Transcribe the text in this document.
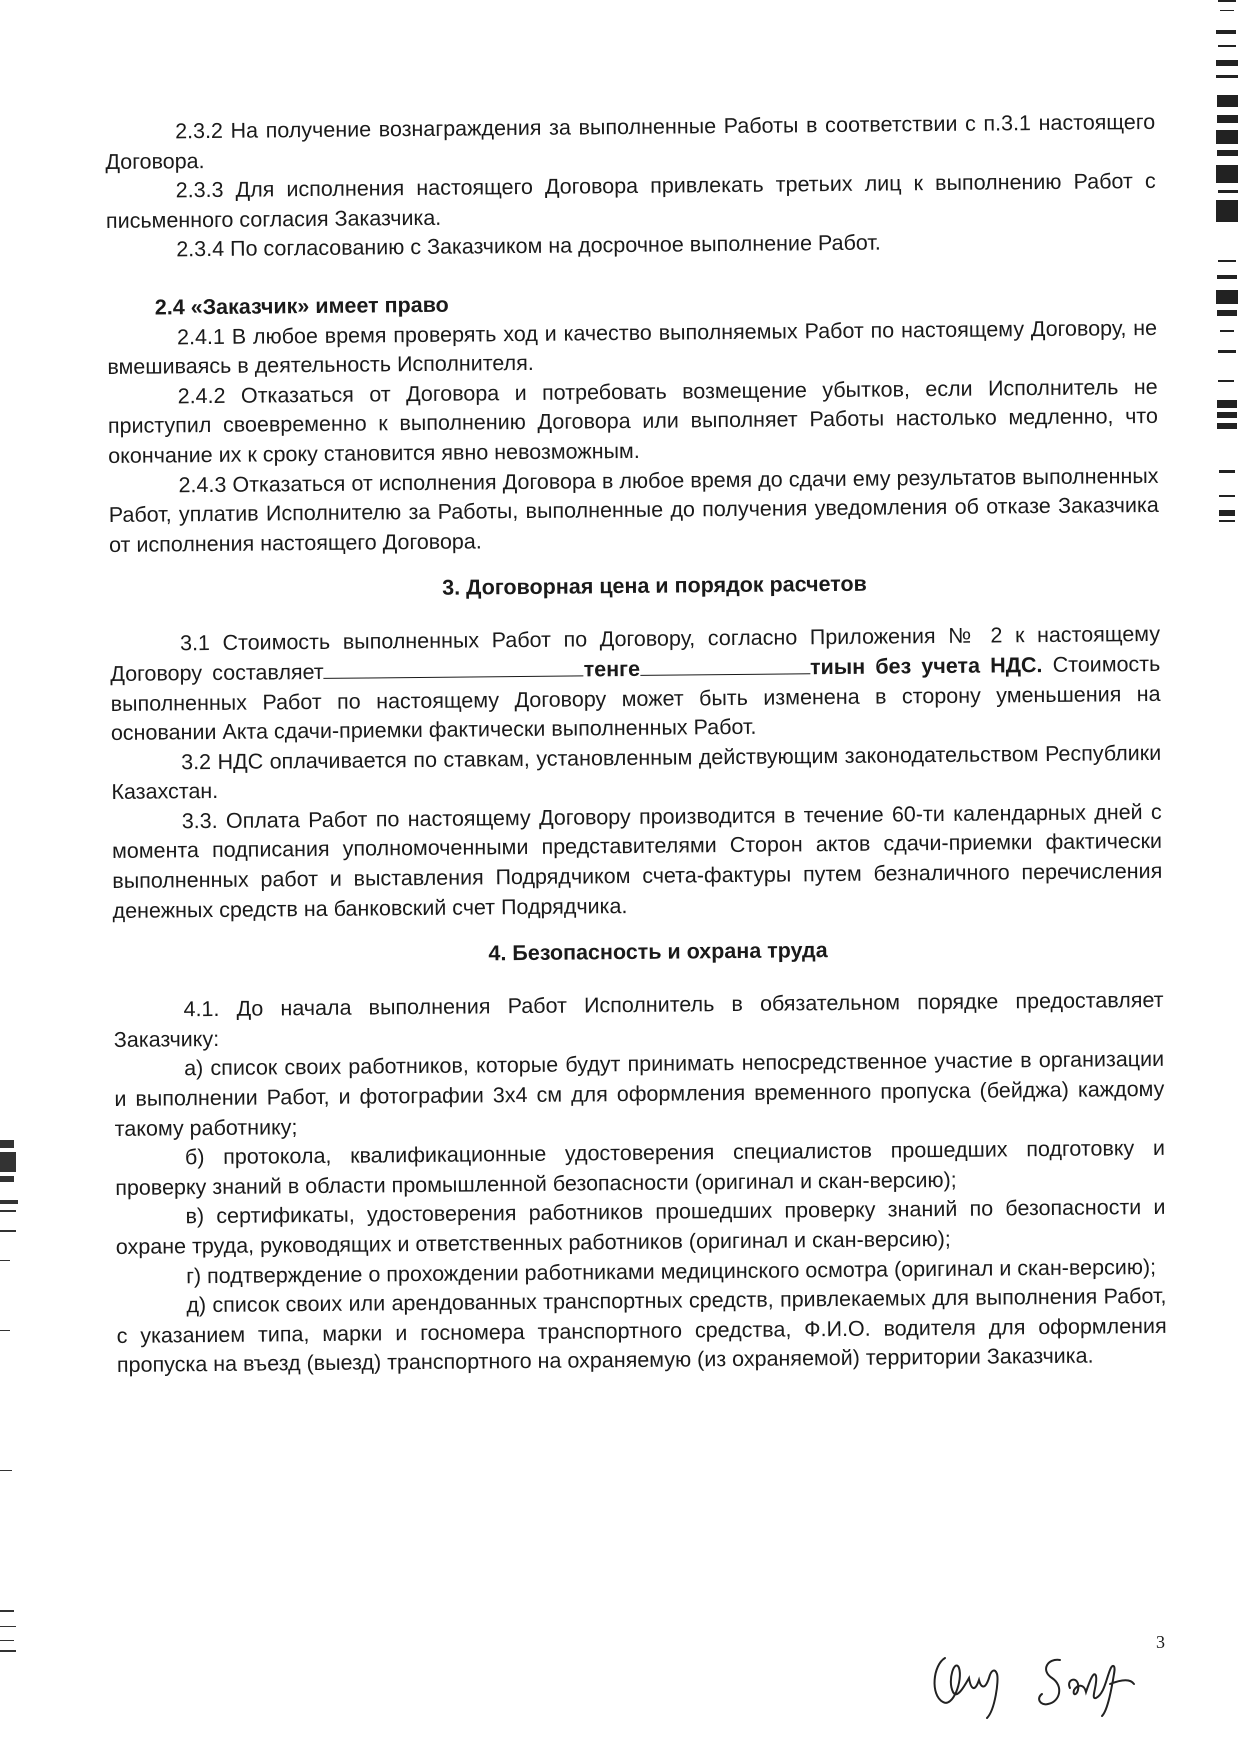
2.3.2 На получение вознаграждения за выполненные Работы в соответствии с п.3.1 настоящего Договора.

2.3.3 Для исполнения настоящего Договора привлекать третьих лиц к выполнению Работ с письменного согласия Заказчика.

2.3.4 По согласованию с Заказчиком на досрочное выполнение Работ.

2.4 «Заказчик» имеет право

2.4.1 В любое время проверять ход и качество выполняемых Работ по настоящему Договору, не вмешиваясь в деятельность Исполнителя.

2.4.2 Отказаться от Договора и потребовать возмещение убытков, если Исполнитель не приступил своевременно к выполнению Договора или выполняет Работы настолько медленно, что окончание их к сроку становится явно невозможным.

2.4.3 Отказаться от исполнения Договора в любое время до сдачи ему результатов выполненных Работ, уплатив Исполнителю за Работы, выполненные до получения уведомления об отказе Заказчика от исполнения настоящего Договора.

3. Договорная цена и порядок расчетов

3.1 Стоимость выполненных Работ по Договору, согласно Приложения № 2 к настоящему Договору составляет	тенге	тиын без учета НДС. Стоимость выполненных Работ по настоящему Договору может быть изменена в сторону уменьшения на основании Акта сдачи-приемки фактически выполненных Работ.

3.2 НДС оплачивается по ставкам, установленным действующим законодательством Республики Казахстан.

3.3. Оплата Работ по настоящему Договору производится в течение 60-ти календарных дней с момента подписания уполномоченными представителями Сторон актов сдачи-приемки фактически выполненных работ и выставления Подрядчиком счета-фактуры путем безналичного перечисления денежных средств на банковский счет Подрядчика.

4. Безопасность и охрана труда

4.1. До начала выполнения Работ Исполнитель в обязательном порядке предоставляет Заказчику:

а) список своих работников, которые будут принимать непосредственное участие в организации и выполнении Работ, и фотографии 3х4 см для оформления временного пропуска (бейджа) каждому такому работнику;

б) протокола, квалификационные удостоверения специалистов прошедших подготовку и проверку знаний в области промышленной безопасности (оригинал и скан-версию);

в) сертификаты, удостоверения работников прошедших проверку знаний по безопасности и охране труда, руководящих и ответственных работников (оригинал и скан-версию);

г) подтверждение о прохождении работниками медицинского осмотра (оригинал и скан-версию);

д) список своих или арендованных транспортных средств, привлекаемых для выполнения Работ, с указанием типа, марки и госномера транспортного средства, Ф.И.О. водителя для оформления пропуска на въезд (выезд) транспортного на охраняемую (из охраняемой) территории Заказчика.

3
